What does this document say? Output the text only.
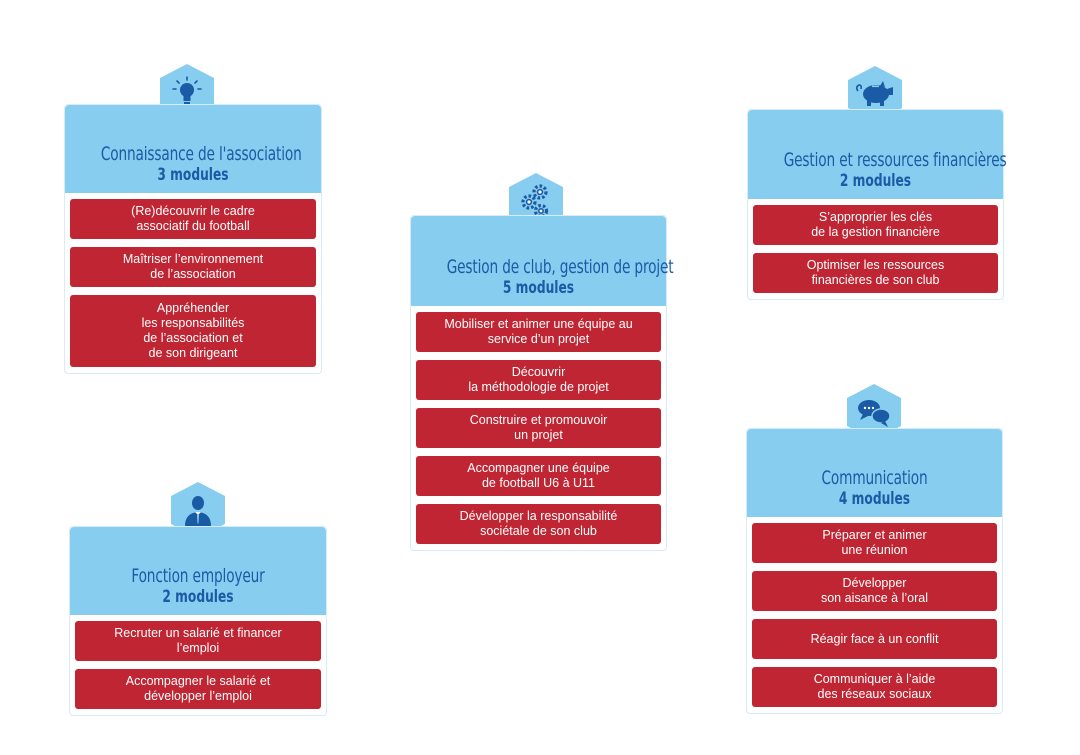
Connaissance de l'association
3 modules
(Re)découvrir le cadre
associatif du football
Maîtriser l’environnement
de l’association
Appréhender
les responsabilités
de l’association et
de son dirigeant
Gestion de club, gestion de projet
5 modules
Mobiliser et animer une équipe au
service d’un projet
Découvrir
la méthodologie de projet
Construire et promouvoir
un projet
Accompagner une équipe
de football U6 à U11
Développer la responsabilité
sociétale de son club
Gestion et ressources financières
2 modules
S’approprier les clés
de la gestion financière
Optimiser les ressources
financières de son club
Fonction employeur
2 modules
Recruter un salarié et financer
l’emploi
Accompagner le salarié et
développer l’emploi
Communication
4 modules
Préparer et animer
une réunion
Développer
son aisance à l’oral
Réagir face à un conflit
Communiquer à l’aide
des réseaux sociaux
